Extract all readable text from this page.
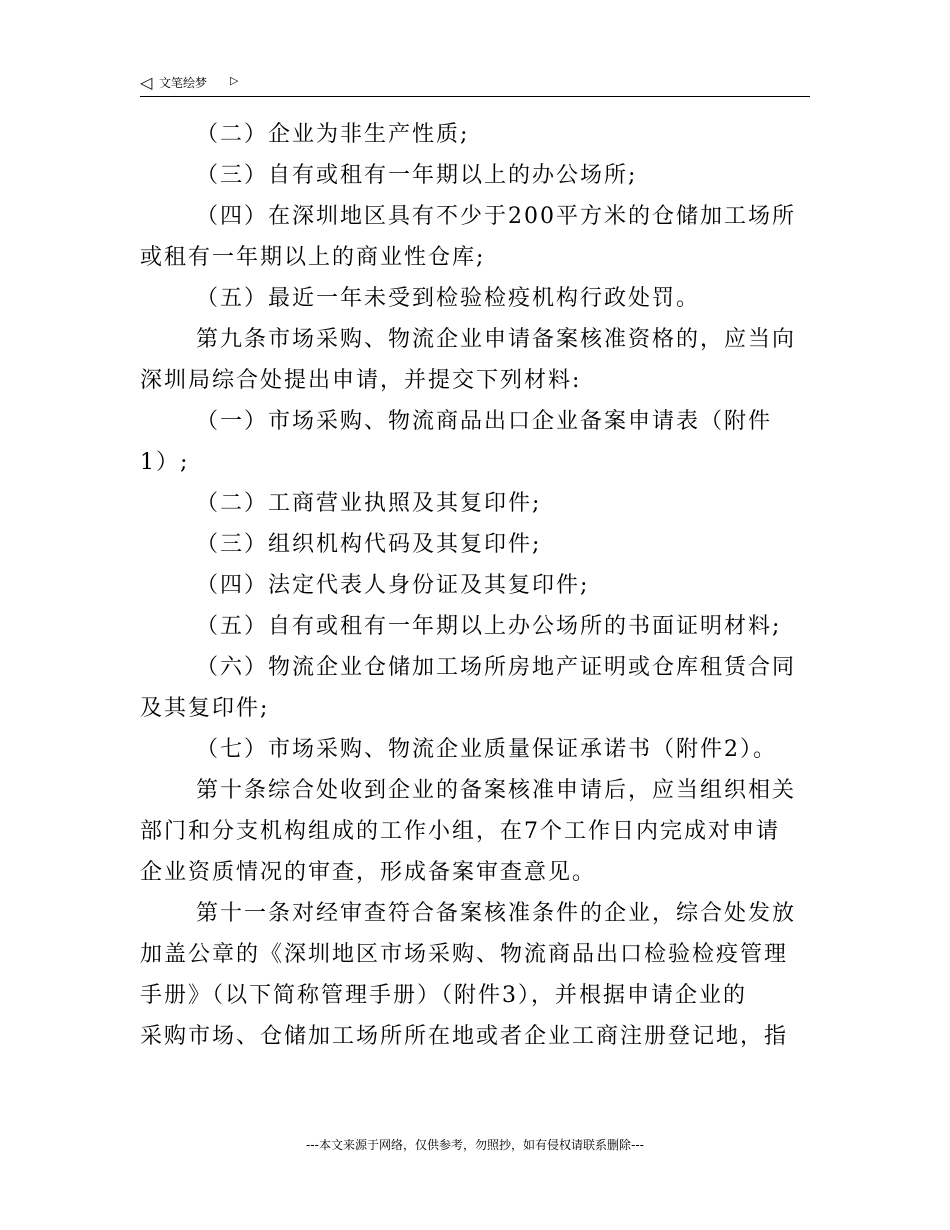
◁ 文笔绘梦 ▷
（二）企业为非生产性质;
（三）自有或租有一年期以上的办公场所;
（四）在深圳地区具有不少于200平方米的仓储加工场所
或租有一年期以上的商业性仓库;
（五）最近一年未受到检验检疫机构行政处罚。
第九条市场采购、物流企业申请备案核准资格的，应当向
深圳局综合处提出申请，并提交下列材料:
（一）市场采购、物流商品出口企业备案申请表（附件
1）;
（二）工商营业执照及其复印件;
（三）组织机构代码及其复印件;
（四）法定代表人身份证及其复印件;
（五）自有或租有一年期以上办公场所的书面证明材料;
（六）物流企业仓储加工场所房地产证明或仓库租赁合同
及其复印件;
（七）市场采购、物流企业质量保证承诺书（附件2）。
第十条综合处收到企业的备案核准申请后，应当组织相关
部门和分支机构组成的工作小组，在7个工作日内完成对申请
企业资质情况的审查，形成备案审查意见。
第十一条对经审查符合备案核准条件的企业，综合处发放
加盖公章的《深圳地区市场采购、物流商品出口检验检疫管理
手册》（以下简称管理手册）（附件3），并根据申请企业的
采购市场、仓储加工场所所在地或者企业工商注册登记地，指
---本文来源于网络，仅供参考，勿照抄，如有侵权请联系删除---
